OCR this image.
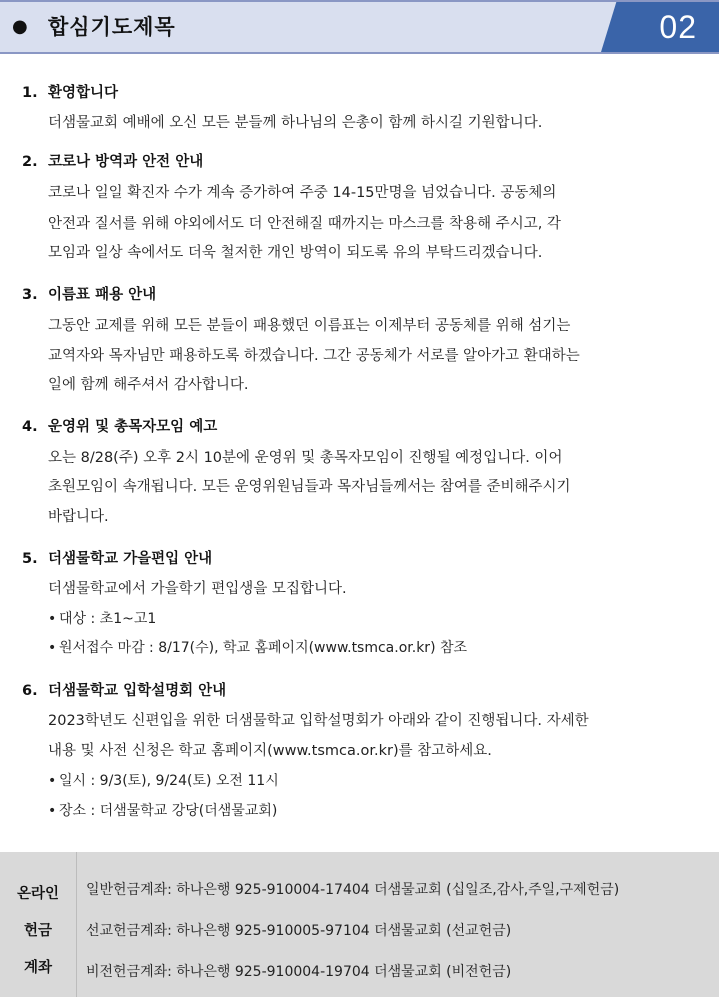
● 합심기도제목	02
1. 환영합니다
더샘물교회 예배에 오신 모든 분들께 하나님의 은총이 함께 하시길 기원합니다.
2. 코로나 방역과 안전 안내
코로나 일일 확진자 수가 계속 증가하여 주중 14-15만명을 넘었습니다. 공동체의
안전과 질서를 위해 야외에서도 더 안전해질 때까지는 마스크를 착용해 주시고, 각
모임과 일상 속에서도 더욱 철저한 개인 방역이 되도록 유의 부탁드리겠습니다.
3. 이름표 패용 안내
그동안 교제를 위해 모든 분들이 패용했던 이름표는 이제부터 공동체를 위해 섬기는
교역자와 목자님만 패용하도록 하겠습니다. 그간 공동체가 서로를 알아가고 환대하는
일에 함께 해주셔서 감사합니다.
4. 운영위 및 총목자모임 예고
오는 8/28(주) 오후 2시 10분에 운영위 및 총목자모임이 진행될 예정입니다. 이어
초원모임이 속개됩니다. 모든 운영위원님들과 목자님들께서는 참여를 준비해주시기
바랍니다.
5. 더샘물학교 가을편입 안내
더샘물학교에서 가을학기 편입생을 모집합니다.
• 대상 : 초1~고1
• 원서접수 마감 : 8/17(수), 학교 홈페이지(www.tsmca.or.kr) 참조
6. 더샘물학교 입학설명회 안내
2023학년도 신편입을 위한 더샘물학교 입학설명회가 아래와 같이 진행됩니다. 자세한
내용 및 사전 신청은 학교 홈페이지(www.tsmca.or.kr)를 참고하세요.
• 일시 : 9/3(토), 9/24(토) 오전 11시
• 장소 : 더샘물학교 강당(더샘물교회)
온라인
헌금
계좌
일반헌금계좌: 하나은행 925-910004-17404 더샘물교회 (십일조,감사,주일,구제헌금)
선교헌금계좌: 하나은행 925-910005-97104 더샘물교회 (선교헌금)
비전헌금계좌: 하나은행 925-910004-19704 더샘물교회 (비전헌금)
